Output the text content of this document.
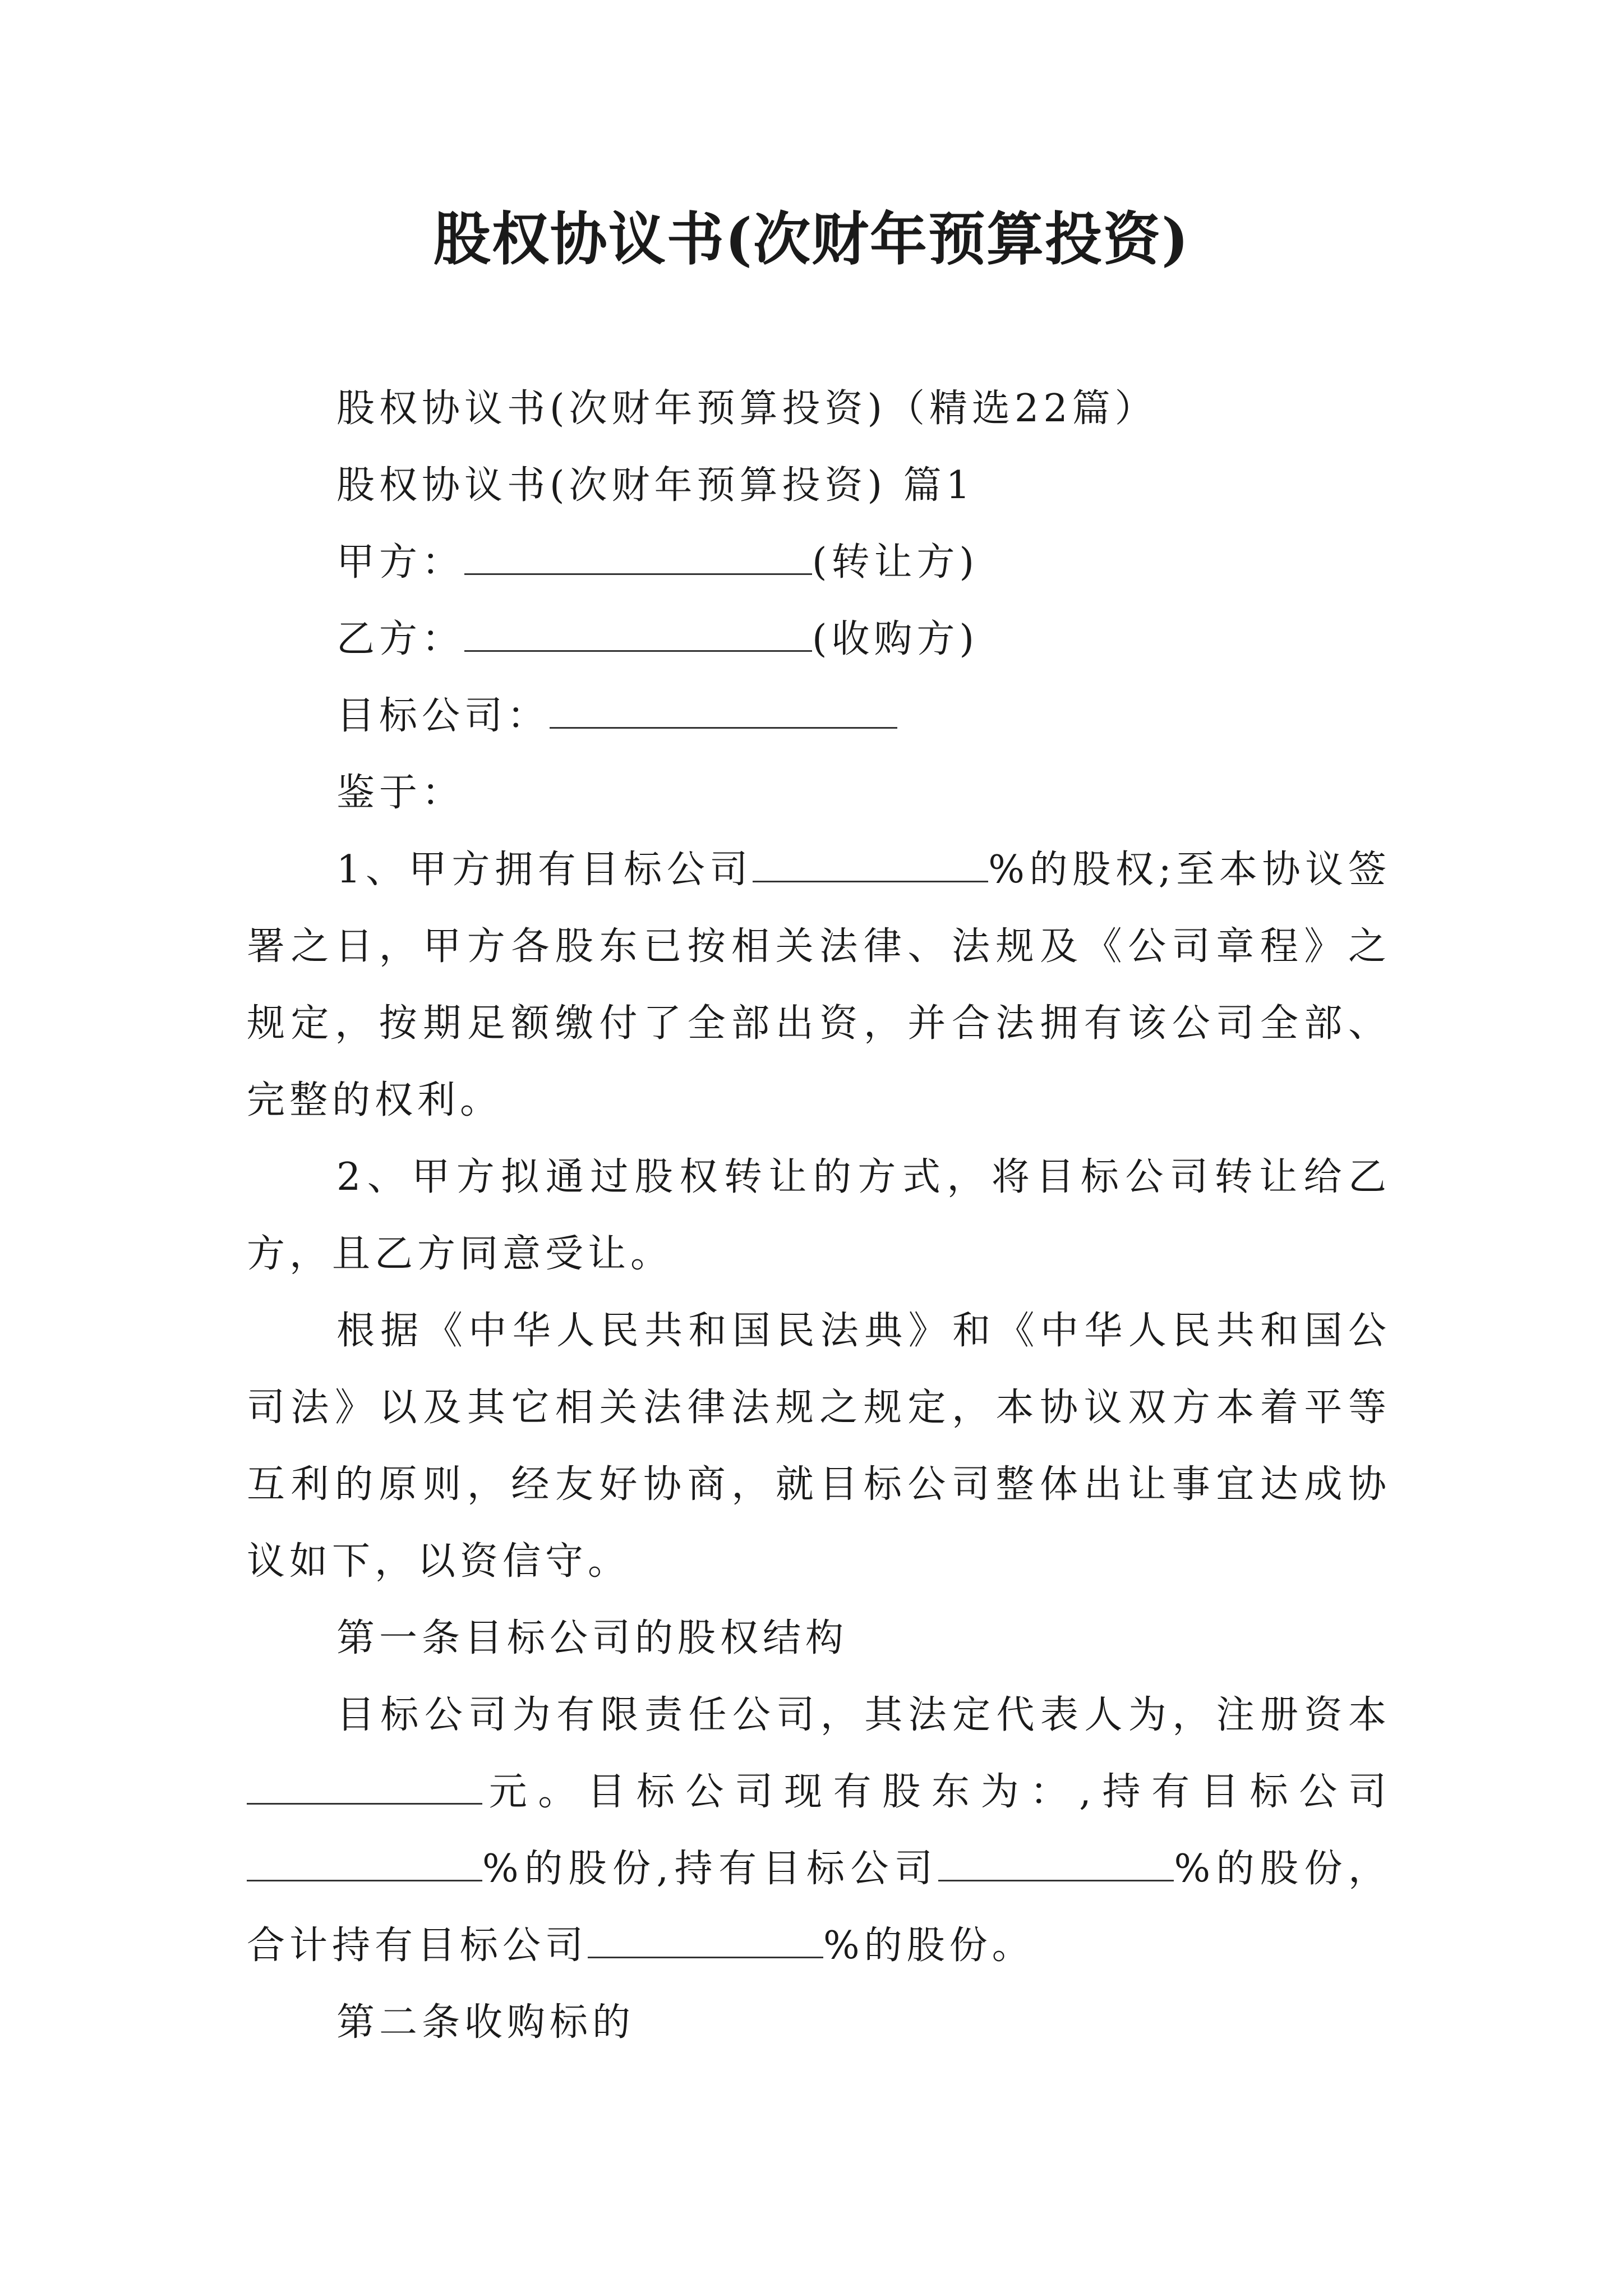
股权协议书(次财年预算投资)

股权协议书(次财年预算投资)（精选22篇）

股权协议书(次财年预算投资) 篇1

甲方：	(转让方)

乙方：	(收购方)

目标公司：

鉴于：

1、甲方拥有目标公司	%的股权;至本协议签署之日，甲方各股东已按相关法律、法规及《公司章程》之规定，按期足额缴付了全部出资，并合法拥有该公司全部、完整的权利。

2、甲方拟通过股权转让的方式，将目标公司转让给乙方，且乙方同意受让。

根据《中华人民共和国民法典》和《中华人民共和国公司法》以及其它相关法律法规之规定，本协议双方本着平等互利的原则，经友好协商，就目标公司整体出让事宜达成协议如下，以资信守。

第一条目标公司的股权结构

目标公司为有限责任公司，其法定代表人为，注册资本元。目标公司现有股东为：,持有目标公司%的股份,持有目标公司	%的股份，合计持有目标公司	%的股份。

第二条收购标的
